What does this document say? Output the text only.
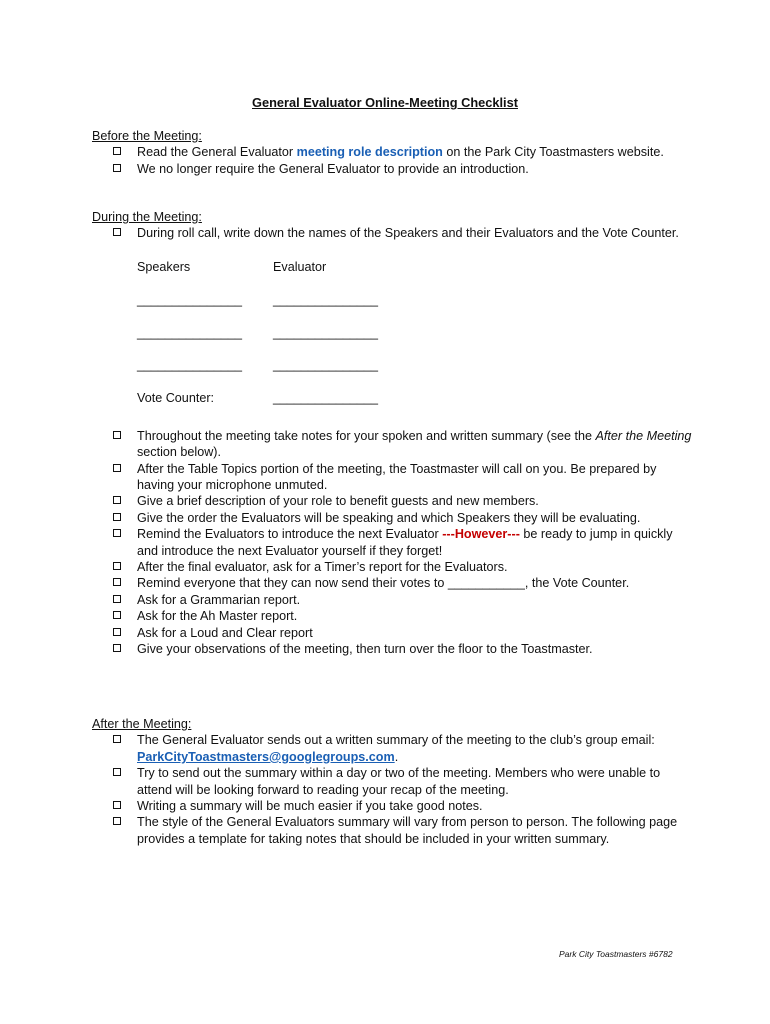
General Evaluator Online-Meeting Checklist
Before the Meeting:
Read the General Evaluator meeting role description on the Park City Toastmasters website.
We no longer require the General Evaluator to provide an introduction.
During the Meeting:
During roll call, write down the names of the Speakers and their Evaluators and the Vote Counter.
Speakers	Evaluator
_______________ _______________
_______________ _______________
_______________ _______________
Vote Counter:	_______________
Throughout the meeting take notes for your spoken and written summary (see the After the Meeting section below).
After the Table Topics portion of the meeting, the Toastmaster will call on you. Be prepared by having your microphone unmuted.
Give a brief description of your role to benefit guests and new members.
Give the order the Evaluators will be speaking and which Speakers they will be evaluating.
Remind the Evaluators to introduce the next Evaluator ---However--- be ready to jump in quickly and introduce the next Evaluator yourself if they forget!
After the final evaluator, ask for a Timer’s report for the Evaluators.
Remind everyone that they can now send their votes to ___________, the Vote Counter.
Ask for a Grammarian report.
Ask for the Ah Master report.
Ask for a Loud and Clear report
Give your observations of the meeting, then turn over the floor to the Toastmaster.
After the Meeting:
The General Evaluator sends out a written summary of the meeting to the club’s group email: ParkCityToastmasters@googlegroups.com.
Try to send out the summary within a day or two of the meeting. Members who were unable to attend will be looking forward to reading your recap of the meeting.
Writing a summary will be much easier if you take good notes.
The style of the General Evaluators summary will vary from person to person. The following page provides a template for taking notes that should be included in your written summary.
Park City Toastmasters #6782
